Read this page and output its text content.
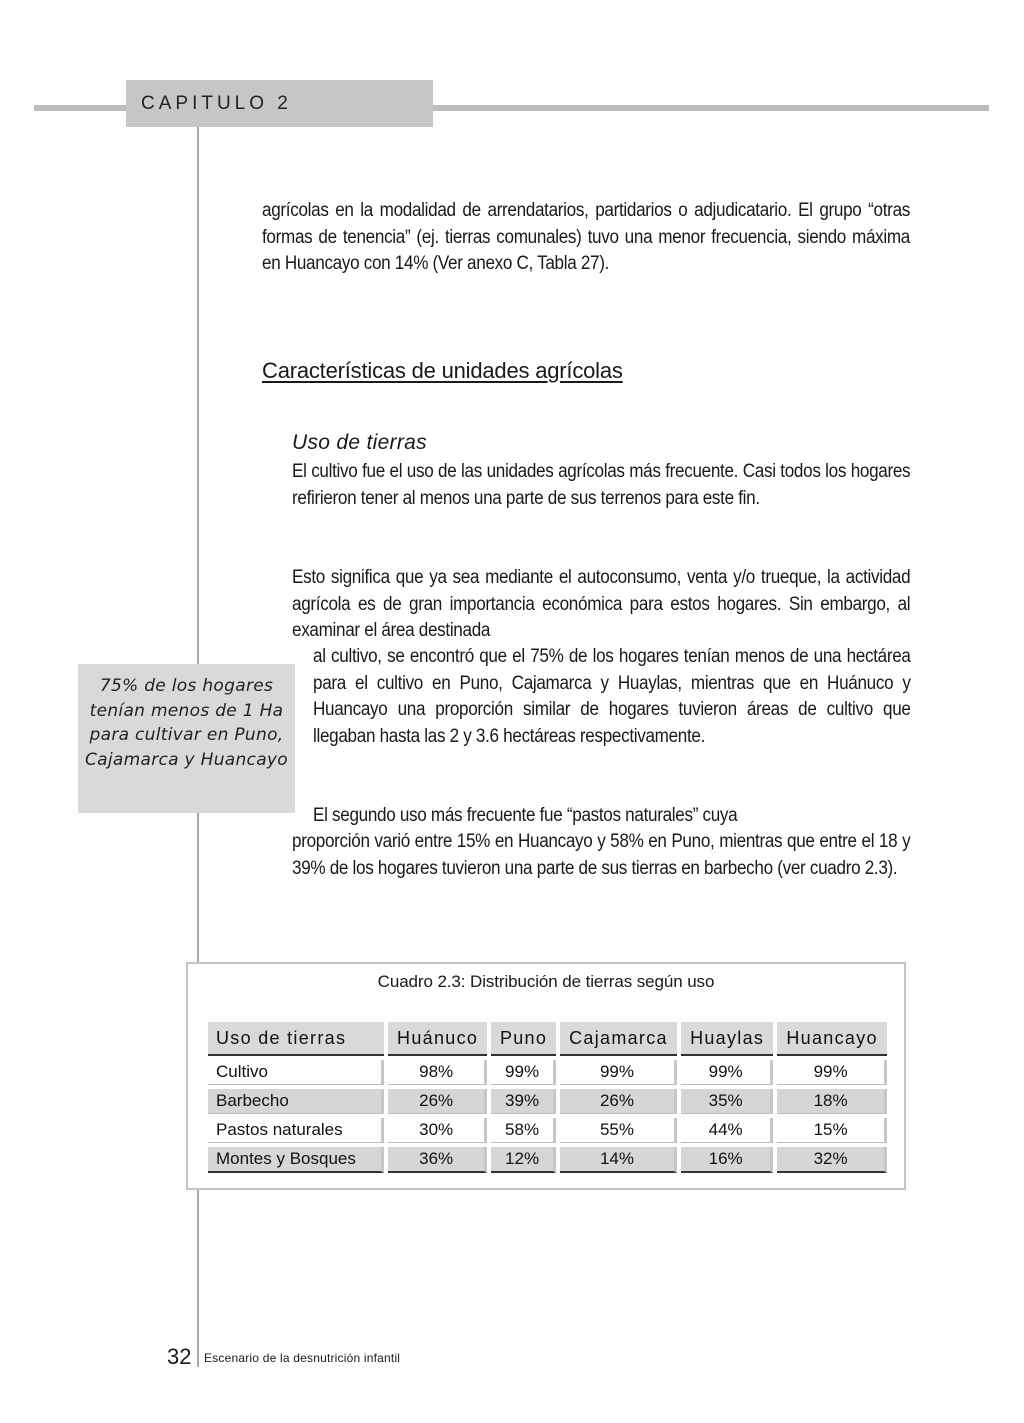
CAPITULO 2

agrícolas en la modalidad de arrendatarios, partidarios o adjudicatario. El grupo “otras formas de tenencia” (ej. tierras comunales) tuvo una menor frecuencia, siendo máxima en Huancayo con 14% (Ver anexo C, Tabla 27).

Características de unidades agrícolas
Uso de tierras

El cultivo fue el uso de las unidades agrícolas más frecuente. Casi todos los hogares refirieron tener al menos una parte de sus terrenos para este fin.

Esto significa que ya sea mediante el autoconsumo, venta y/o trueque, la actividad agrícola es de gran importancia económica para estos hogares. Sin embargo, al examinar el área destinada

al cultivo, se encontró que el 75% de los hogares tenían menos de una hectárea para el cultivo en Puno, Cajamarca y Huaylas, mientras que en Huánuco y Huancayo una proporción similar de hogares tuvieron áreas de cultivo que llegaban hasta las 2 y 3.6 hectáreas respectivamente.

75% de los hogares tenían menos de 1 Ha para cultivar en Puno, Cajamarca y Huancayo

El segundo uso más frecuente fue “pastos naturales” cuya

proporción varió entre 15% en Huancayo y 58% en Puno, mientras que entre el 18 y 39% de los hogares tuvieron una parte de sus tierras en barbecho (ver cuadro 2.3).

Cuadro 2.3: Distribución de tierras según uso
Uso de tierras	Huánuco	Puno	Cajamarca	Huaylas	Huancayo
Cultivo	98%	99%	99%	99%	99%
Barbecho	26%	39%	26%	35%	18%
Pastos naturales	30%	58%	55%	44%	15%
Montes y Bosques	36%	12%	14%	16%	32%
32 Escenario de la desnutrición infantil
